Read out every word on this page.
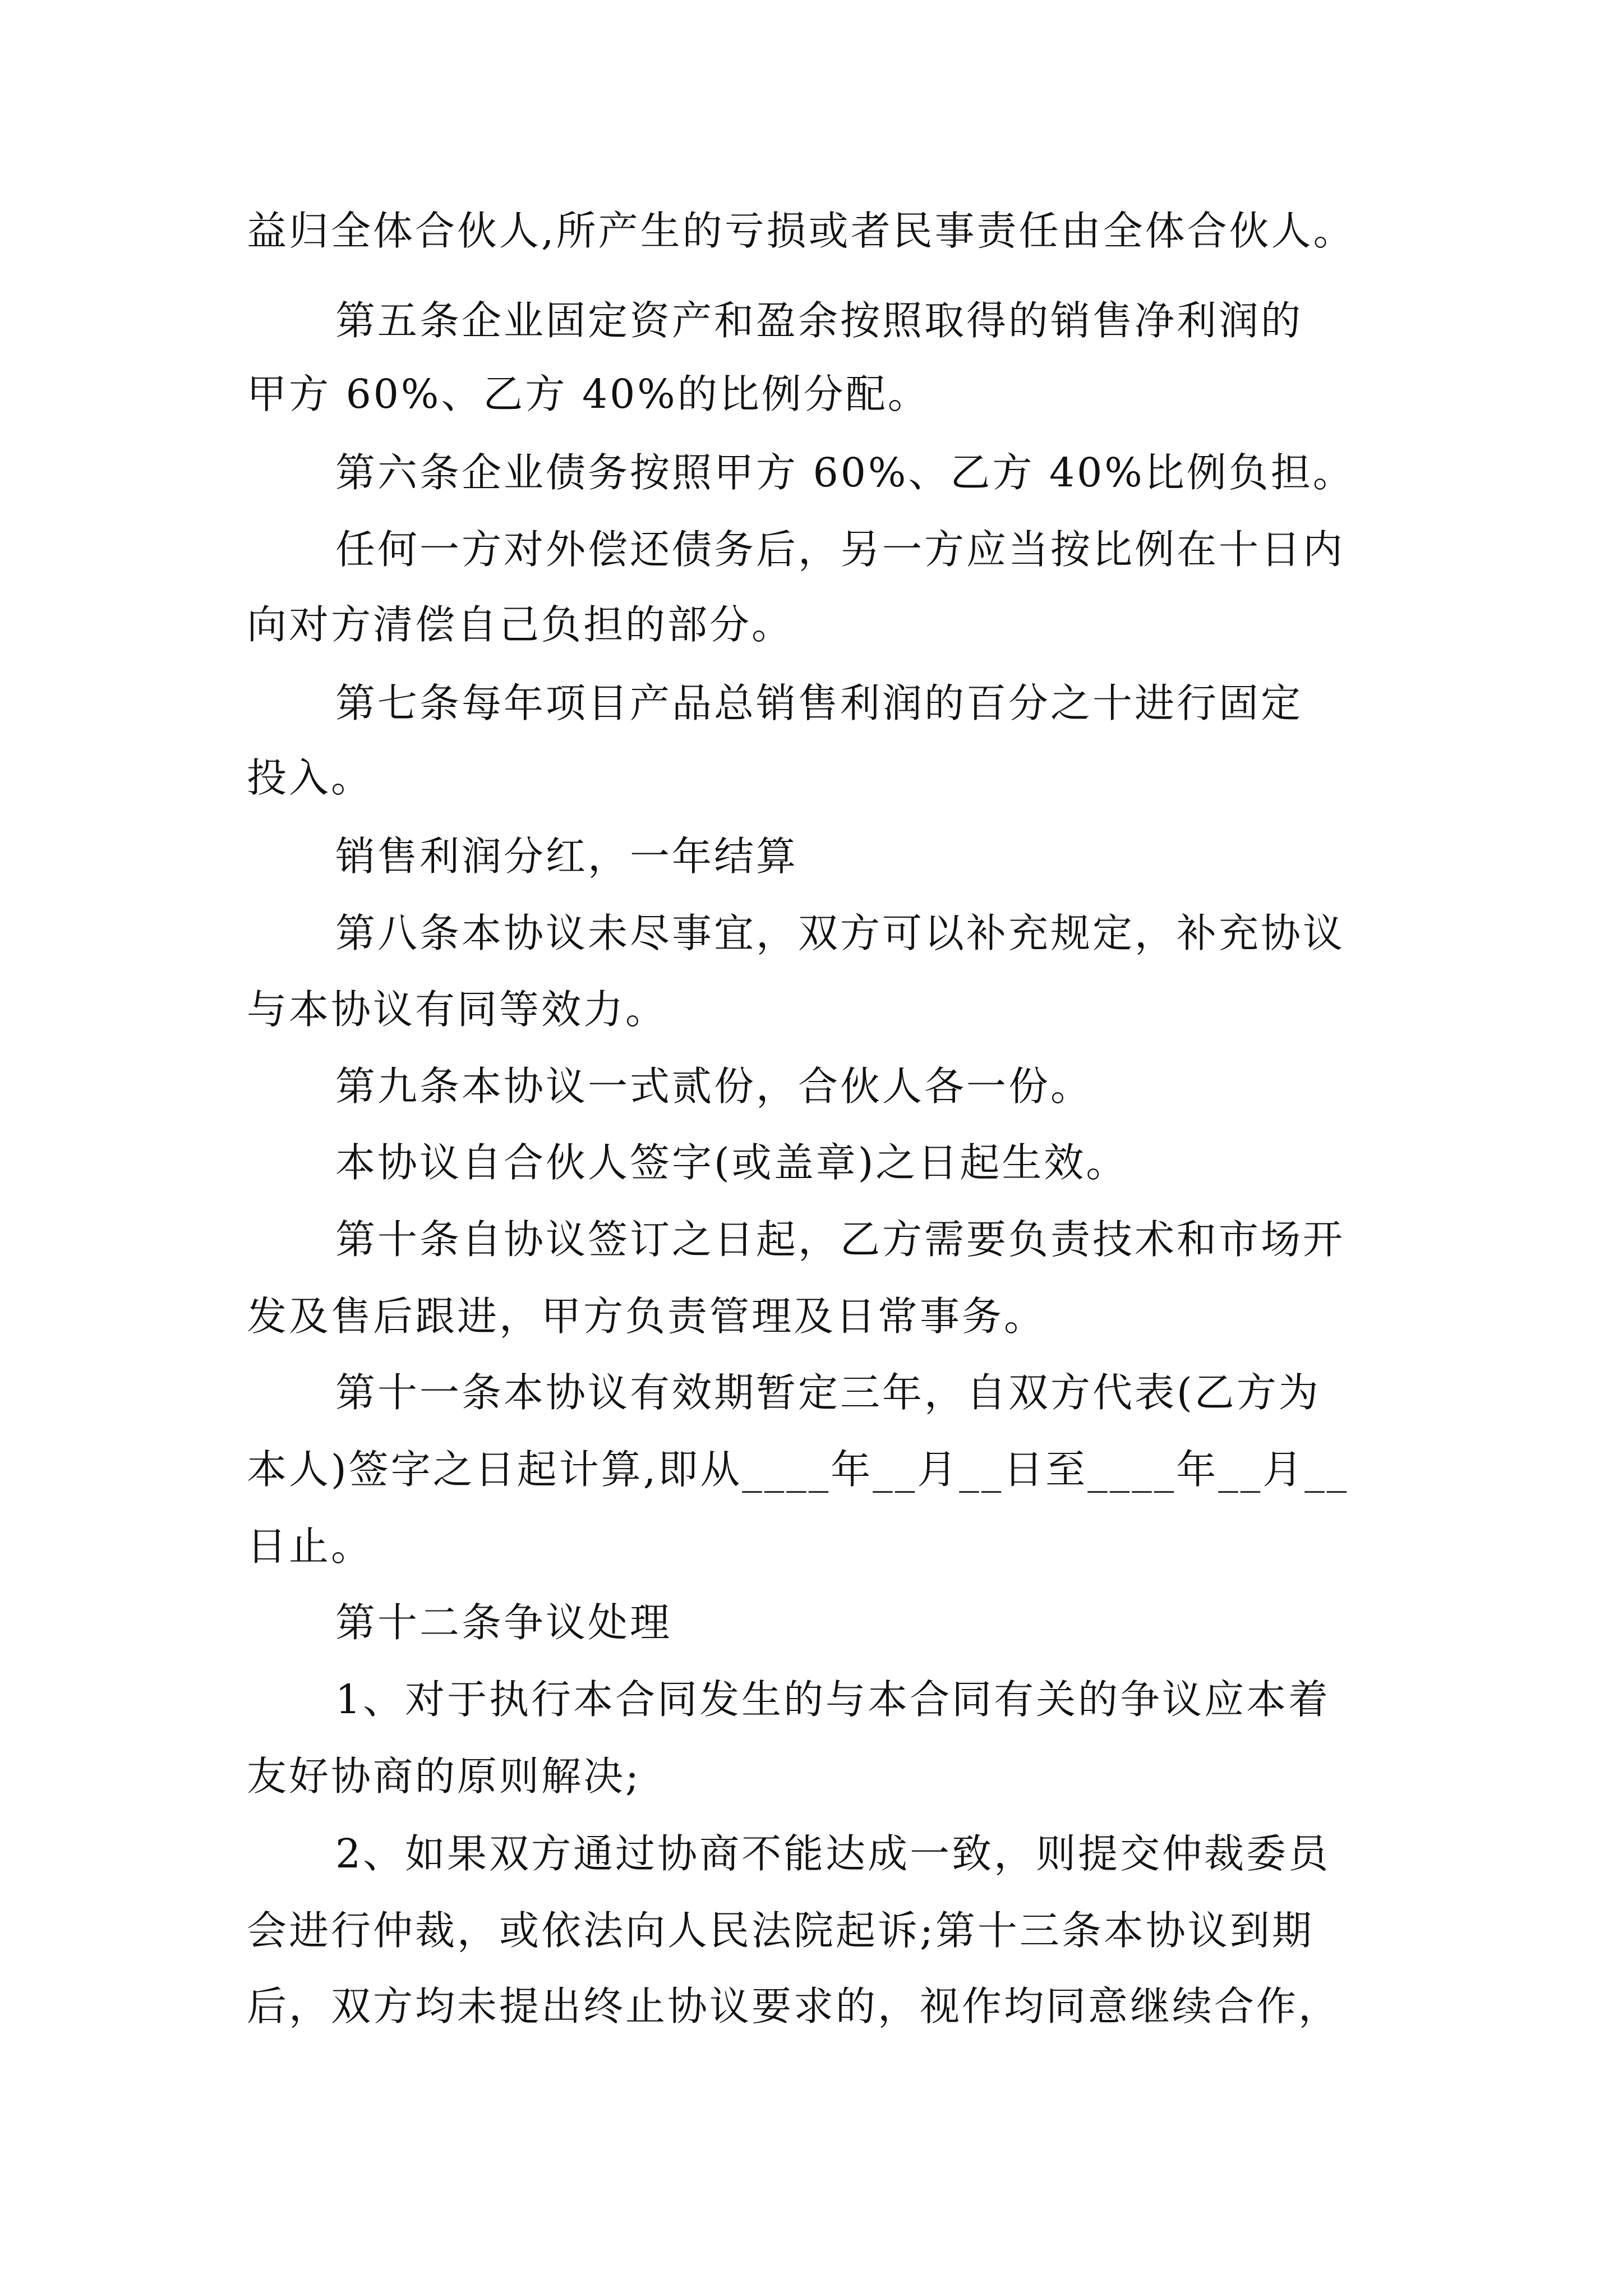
益归全体合伙人,所产生的亏损或者民事责任由全体合伙人。
第五条企业固定资产和盈余按照取得的销售净利润的
甲方 60%、乙方 40%的比例分配。
第六条企业债务按照甲方 60%、乙方 40%比例负担。
任何一方对外偿还债务后，另一方应当按比例在十日内
向对方清偿自己负担的部分。
第七条每年项目产品总销售利润的百分之十进行固定
投入。
销售利润分红，一年结算
第八条本协议未尽事宜，双方可以补充规定，补充协议
与本协议有同等效力。
第九条本协议一式贰份，合伙人各一份。
本协议自合伙人签字(或盖章)之日起生效。
第十条自协议签订之日起，乙方需要负责技术和市场开
发及售后跟进，甲方负责管理及日常事务。
第十一条本协议有效期暂定三年，自双方代表(乙方为
本人)签字之日起计算,即从____年__月__日至____年__月__
日止。
第十二条争议处理
1、对于执行本合同发生的与本合同有关的争议应本着
友好协商的原则解决;
2、如果双方通过协商不能达成一致，则提交仲裁委员
会进行仲裁，或依法向人民法院起诉;第十三条本协议到期
后，双方均未提出终止协议要求的，视作均同意继续合作，
